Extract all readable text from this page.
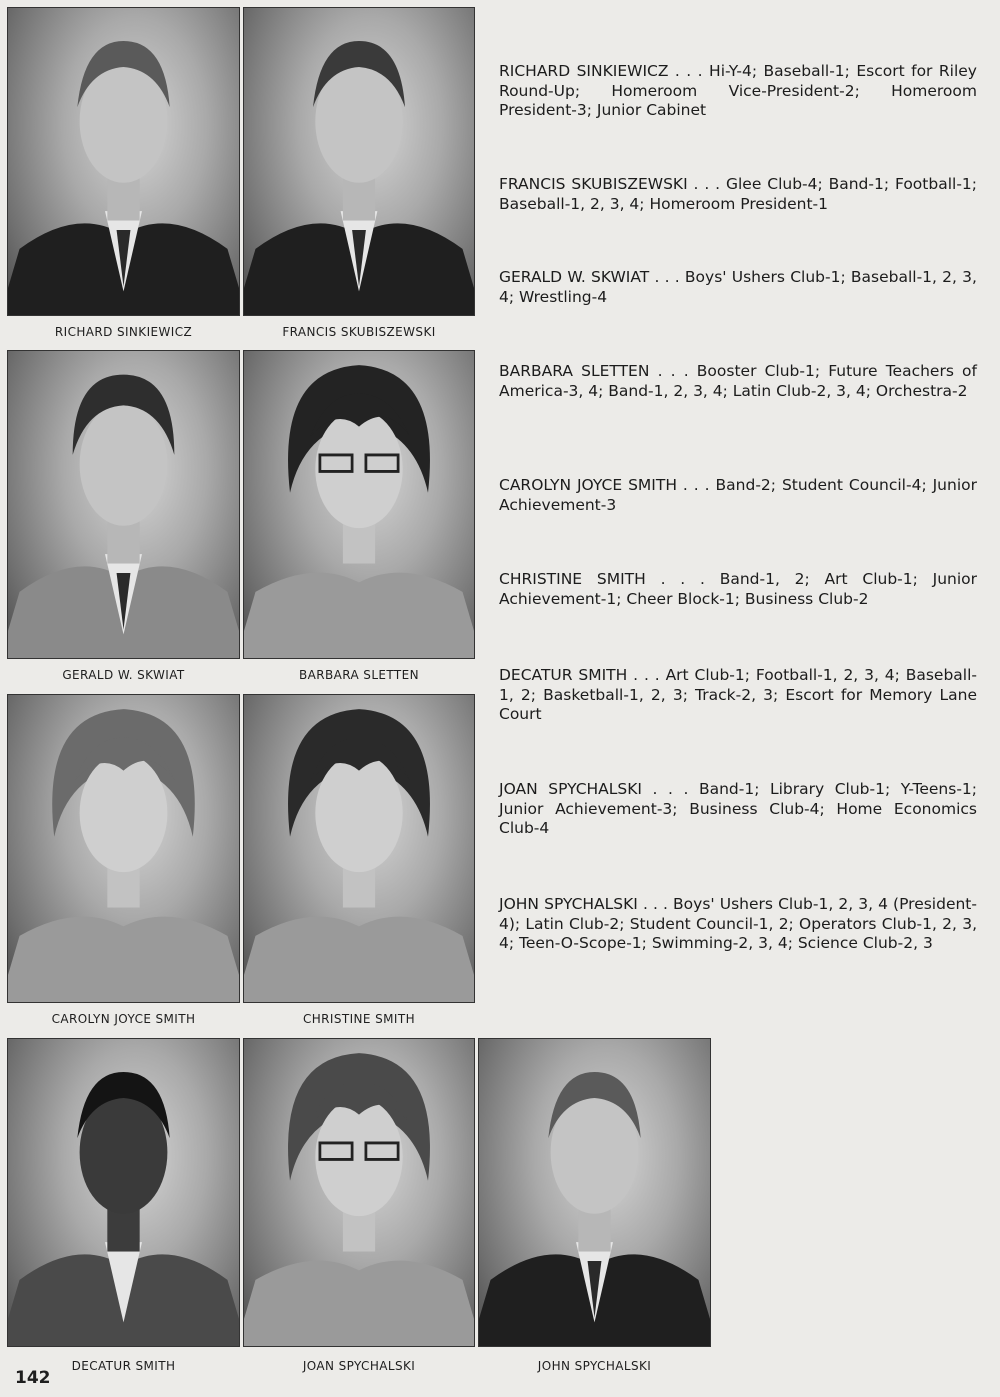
RICHARD SINKIEWICZ	FRANCIS SKUBISZEWSKI
GERALD W. SKWIAT	BARBARA SLETTEN
CAROLYN JOYCE SMITH	CHRISTINE SMITH
DECATUR SMITH	JOAN SPYCHALSKI	JOHN SPYCHALSKI
RICHARD SINKIEWICZ . . . Hi-Y-4; Baseball-1; Escort for Riley Round-Up; Homeroom Vice-President-2; Homeroom President-3; Junior Cabinet
FRANCIS SKUBISZEWSKI . . . Glee Club-4; Band-1; Football-1; Baseball-1, 2, 3, 4; Homeroom President-1
GERALD W. SKWIAT . . . Boys' Ushers Club-1; Baseball-1, 2, 3, 4; Wrestling-4
BARBARA SLETTEN . . . Booster Club-1; Future Teachers of America-3, 4; Band-1, 2, 3, 4; Latin Club-2, 3, 4; Orchestra-2
CAROLYN JOYCE SMITH . . . Band-2; Student Council-4; Junior Achievement-3
CHRISTINE SMITH . . . Band-1, 2; Art Club-1; Junior Achievement-1; Cheer Block-1; Business Club-2
DECATUR SMITH . . . Art Club-1; Football-1, 2, 3, 4; Baseball-1, 2; Basketball-1, 2, 3; Track-2, 3; Escort for Memory Lane Court
JOAN SPYCHALSKI . . . Band-1; Library Club-1; Y-Teens-1; Junior Achievement-3; Business Club-4; Home Economics Club-4
JOHN SPYCHALSKI . . . Boys' Ushers Club-1, 2, 3, 4 (President-4); Latin Club-2; Student Council-1, 2; Operators Club-1, 2, 3, 4; Teen-O-Scope-1; Swimming-2, 3, 4; Science Club-2, 3
142
